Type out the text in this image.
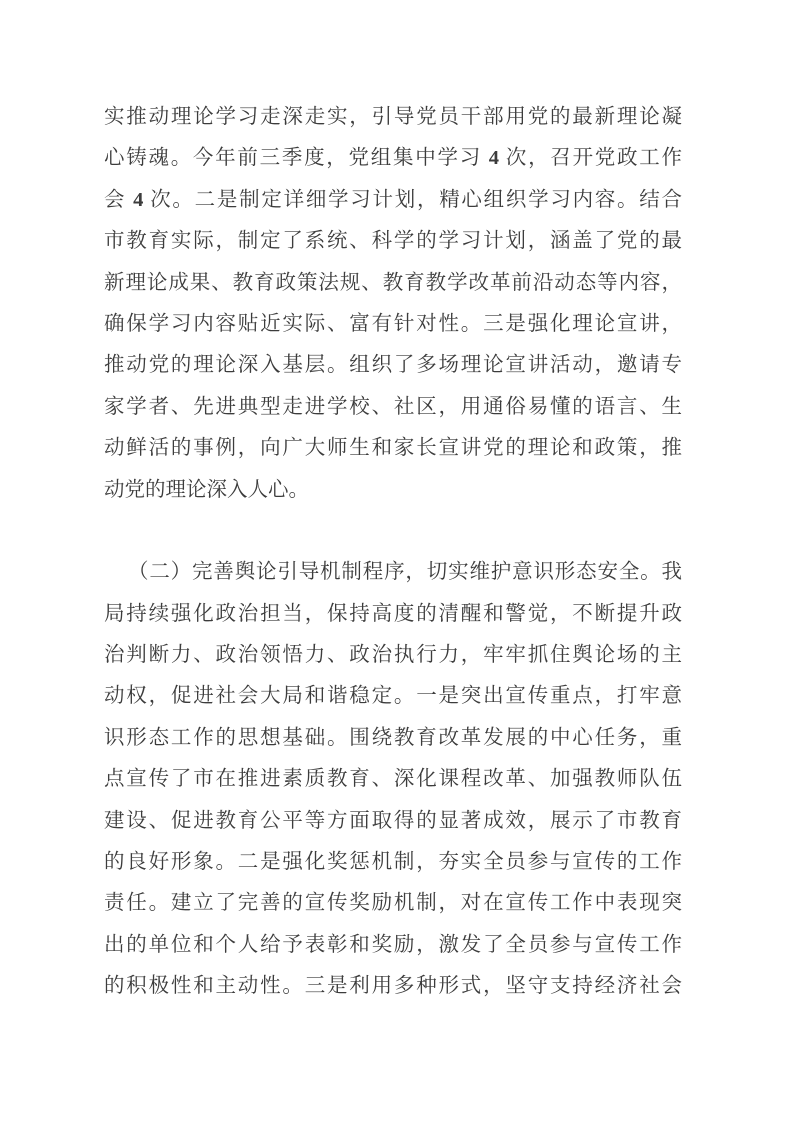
实推动理论学习走深走实，引导党员干部用党的最新理论凝
心铸魂。今年前三季度，党组集中学习 4 次，召开党政工作
会 4 次。二是制定详细学习计划，精心组织学习内容。结合
市教育实际，制定了系统、科学的学习计划，涵盖了党的最
新理论成果、教育政策法规、教育教学改革前沿动态等内容，
确保学习内容贴近实际、富有针对性。三是强化理论宣讲，
推动党的理论深入基层。组织了多场理论宣讲活动，邀请专
家学者、先进典型走进学校、社区，用通俗易懂的语言、生
动鲜活的事例，向广大师生和家长宣讲党的理论和政策，推
动党的理论深入人心。
（二）完善舆论引导机制程序，切实维护意识形态安全。我
局持续强化政治担当，保持高度的清醒和警觉，不断提升政
治判断力、政治领悟力、政治执行力，牢牢抓住舆论场的主
动权，促进社会大局和谐稳定。一是突出宣传重点，打牢意
识形态工作的思想基础。围绕教育改革发展的中心任务，重
点宣传了市在推进素质教育、深化课程改革、加强教师队伍
建设、促进教育公平等方面取得的显著成效，展示了市教育
的良好形象。二是强化奖惩机制，夯实全员参与宣传的工作
责任。建立了完善的宣传奖励机制，对在宣传工作中表现突
出的单位和个人给予表彰和奖励，激发了全员参与宣传工作
的积极性和主动性。三是利用多种形式，坚守支持经济社会
